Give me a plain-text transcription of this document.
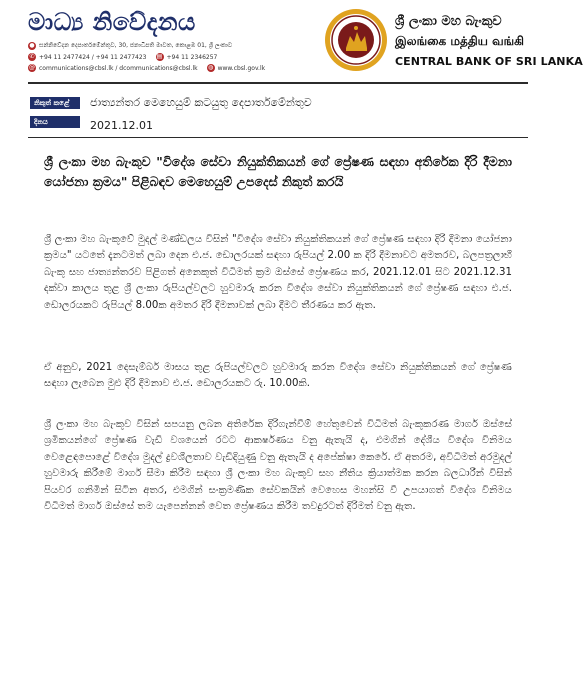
මාධ්‍ය නිවේදනය
● සන්නිවේදන දෙපාර්තමේන්තුව, 30, ජනාධිපති මාවත, කොළඹ 01, ශ්‍රී ලංකාව
✆ +94 11 2477424 / +94 11 2477423 ▤ +94 11 2346257
@ communications@cbsl.lk / dcommunications@cbsl.lk ◍ www.cbsl.gov.lk
ශ්‍රී ලංකා මහ බැංකුව
இலங்கை மத்திய வங்கி
CENTRAL BANK OF SRI LANKA
නිකුත් කළේ	ජාත්‍යන්තර මෙහෙයුම් කටයුතු දෙපාර්තමේන්තුව
දිනය	2021.12.01
ශ්‍රී ලංකා මහ බැංකුව "විදේශ සේවා නියුක්තිකයන් ගේ ප්‍රේෂණ සඳහා අතිරේක දිරි දීමනා යෝජනා ක්‍රමය" පිළිබඳව මෙහෙයුම් උපදෙස් නිකුත් කරයි
ශ්‍රී ලංකා මහ බැංකුවේ මුදල් මණ්ඩලය විසින් "විදේශ සේවා නියුක්තිකයන් ගේ ප්‍රේෂණ සඳහා දිරි දීමනා යෝජනා ක්‍රමය" යටතේ දැනටමත් ලබා දෙන එ.ජ. ඩොලරයක් සඳහා රුපියල් 2.00 ක දිරි දීමනාවට අමතරව, බලපත්‍රලාභී බැංකු සහ ජාත්‍යන්තරව පිළිගත් අනෙකුත් විධිමත් ක්‍රම ඔස්සේ ප්‍රේෂණය කර, 2021.12.01 සිට 2021.12.31 දක්වා කාලය තුළ ශ්‍රී ලංකා රුපියල්වලට හුවමාරු කරන විදේශ සේවා නියුක්තිකයන් ගේ ප්‍රේෂණ සඳහා එ.ජ. ඩොලරයකට රුපියල් 8.00ක අමතර දිරි දීමනාවක් ලබා දීමට තීරණය කර ඇත.
ඒ අනුව, 2021 දෙසැම්බර් මාසය තුළ රුපියල්වලට හුවමාරු කරන විදේශ සේවා නියුක්තිකයන් ගේ ප්‍රේෂණ සඳහා ලැබෙන මුළු දිරි දීමනාව එ.ජ. ඩොලරයකට රු. 10.00කි.
ශ්‍රී ලංකා මහ බැංකුව විසින් සපයනු ලබන අතිරේක දිරිගැන්වීම් හේතුවෙන් විධිමත් බැංකුකරණ මාර්ග ඔස්සේ ශ්‍රමිකයන්ගේ ප්‍රේෂණ වැඩි වශයෙන් රටට ආකර්ෂණය වනු ඇතැයි ද, එමගින් දේශීය විදේශ විනිමය වෙළෙඳපොළේ විදේශ මුදල් ද්‍රවශීලතාව වැඩිදියුණු වනු ඇතැයි ද අපේක්ෂා කෙරේ. ඒ අතරම, අවිධිමත් අරමුදල් හුවමාරු කිරීමේ මාර්ග සීමා කිරීම සඳහා ශ්‍රී ලංකා මහ බැංකුව සහ නීතිය ක්‍රියාත්මක කරන බලධාරීන් විසින් පියවර ගනිමින් සිටින අතර, එමගින් සංක්‍රමණික සේවකයින් වෙහෙස මහන්සි වී උපයාගත් විදේශ විනිමය විධිමත් මාර්ග ඔස්සේ තම යැපෙන්නන් වෙත ප්‍රේෂණය කිරීම තවදුරටත් දිරිමත් වනු ඇත.
